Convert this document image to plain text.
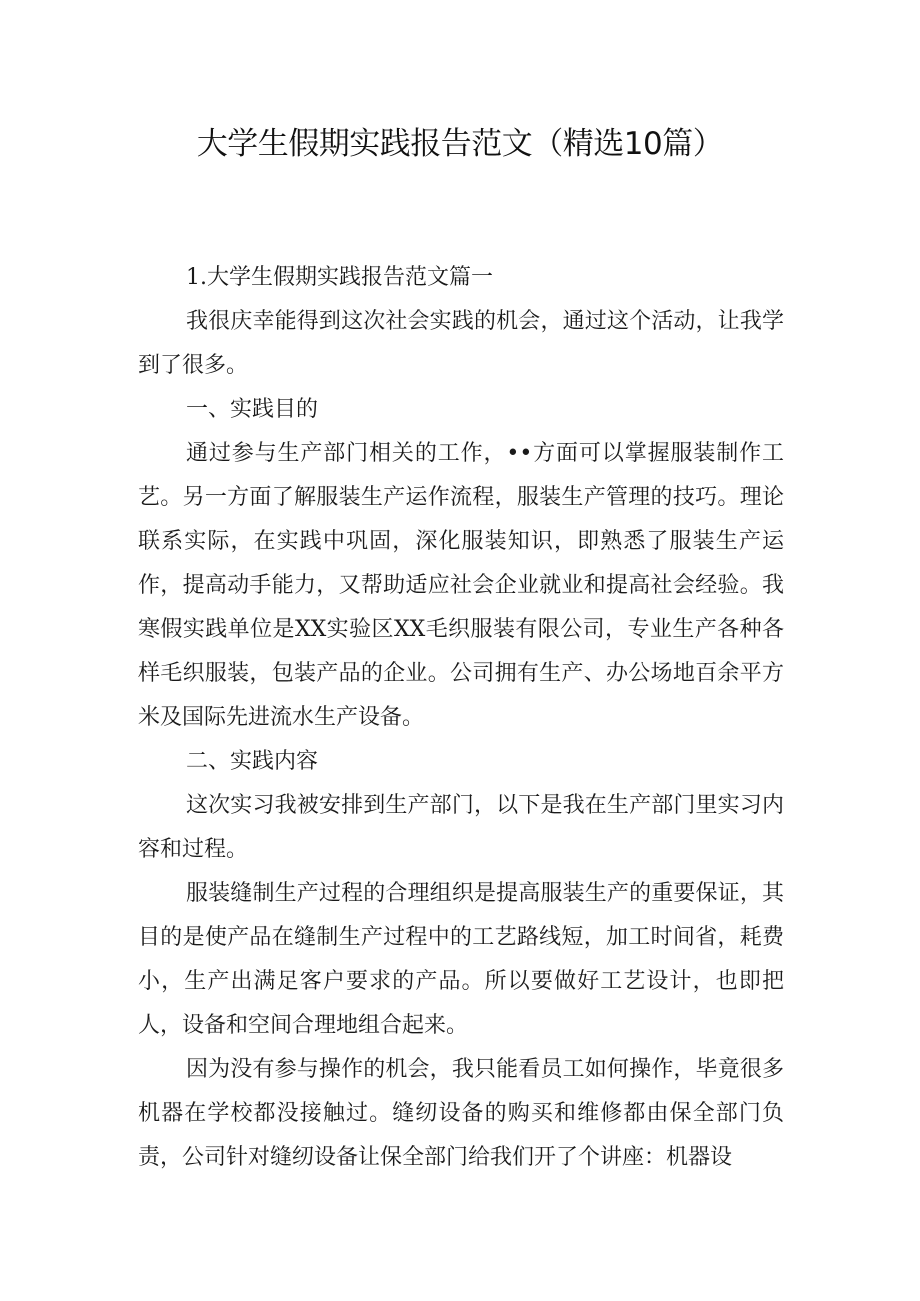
大学生假期实践报告范文（精选10篇）

1.大学生假期实践报告范文篇一

我很庆幸能得到这次社会实践的机会，通过这个活动，让我学到了很多。

一、实践目的

通过参与生产部门相关的工作，••方面可以掌握服装制作工艺。另一方面了解服装生产运作流程，服装生产管理的技巧。理论联系实际，在实践中巩固，深化服装知识，即熟悉了服装生产运作，提高动手能力，又帮助适应社会企业就业和提高社会经验。我寒假实践单位是XX实验区XX毛织服装有限公司，专业生产各种各样毛织服装，包装产品的企业。公司拥有生产、办公场地百余平方米及国际先进流水生产设备。

二、实践内容

这次实习我被安排到生产部门，以下是我在生产部门里实习内容和过程。

服装缝制生产过程的合理组织是提高服装生产的重要保证，其目的是使产品在缝制生产过程中的工艺路线短，加工时间省，耗费小，生产出满足客户要求的产品。所以要做好工艺设计，也即把人，设备和空间合理地组合起来。

因为没有参与操作的机会，我只能看员工如何操作，毕竟很多机器在学校都没接触过。缝纫设备的购买和维修都由保全部门负责，公司针对缝纫设备让保全部门给我们开了个讲座：机器设
